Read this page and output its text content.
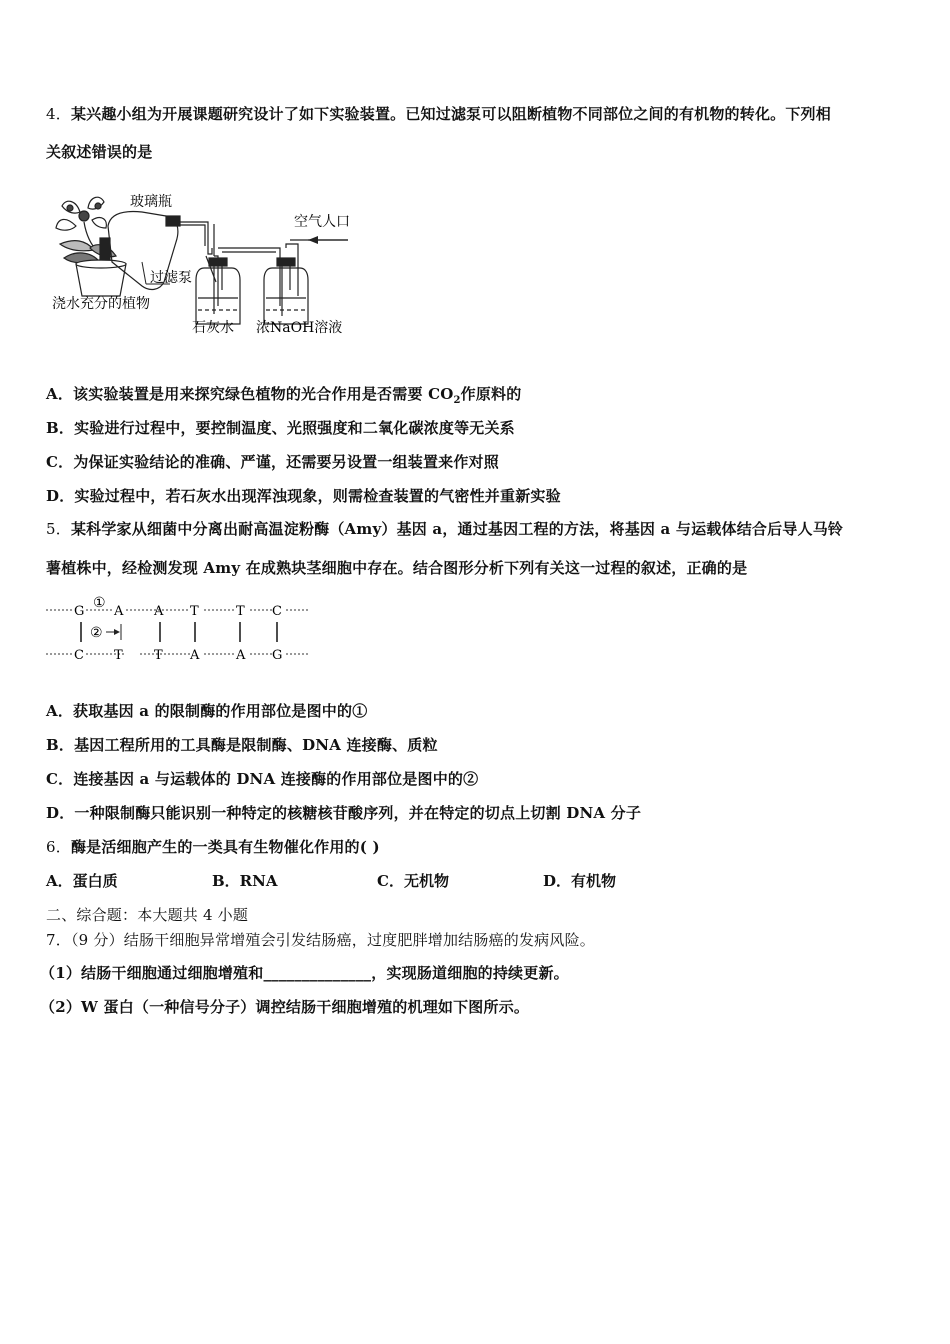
4．某兴趣小组为开展课题研究设计了如下实验装置。已知过滤泵可以阻断植物不同部位之间的有机物的转化。下列相
关叙述错误的是
玻璃瓶
空气人口
过滤泵
浇水充分的植物
石灰水 浓NaOH溶液
A．该实验装置是用来探究绿色植物的光合作用是否需要 $CO_2$作原料的
B．实验进行过程中，要控制温度、光照强度和二氧化碳浓度等无关系
C．为保证实验结论的准确、严谨，还需要另设置一组装置来作对照
D．实验过程中，若石灰水出现浑浊现象，则需检查装置的气密性并重新实验
5．某科学家从细菌中分离出耐高温淀粉酶（Amy）基因 a，通过基因工程的方法，将基因 a 与运载体结合后导人马铃
薯植株中，经检测发现 Amy 在成熟块茎细胞中存在。结合图形分析下列有关这一过程的叙述，正确的是
G A A T	T C
C T T A	A G
①
②
A．获取基因 a 的限制酶的作用部位是图中的①
B．基因工程所用的工具酶是限制酶、DNA 连接酶、质粒
C．连接基因 a 与运载体的 DNA 连接酶的作用部位是图中的②
D．一种限制酶只能识别一种特定的核糖核苷酸序列，并在特定的切点上切割 DNA 分子
6．酶是活细胞产生的一类具有生物催化作用的( )
A．蛋白质	B．RNA	C．无机物	D．有机物
二、综合题：本大题共 4 小题
7．（9 分）结肠干细胞异常增殖会引发结肠癌，过度肥胖增加结肠癌的发病风险。
（1）结肠干细胞通过细胞增殖和______________，实现肠道细胞的持续更新。
（2）W 蛋白（一种信号分子）调控结肠干细胞增殖的机理如下图所示。
